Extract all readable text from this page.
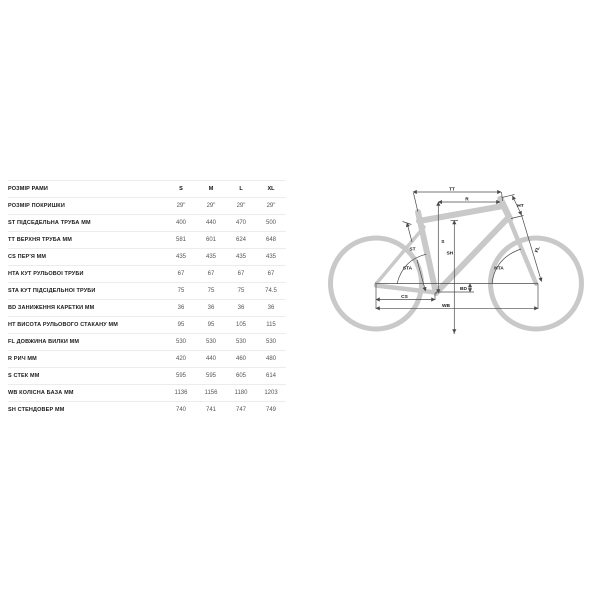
РОЗМІР РАМИ	S	M	L	XL
РОЗМІР ПОКРИШКИ	29"	29"	29"	29"
ST ПІДСЕДЕЛЬНА ТРУБА ММ	400	440	470	500
ТТ ВЕРХНЯ ТРУБА ММ	581	601	624	648
CS ПЕР'Я ММ	435	435	435	435
HTA КУТ РУЛЬОВОЇ ТРУБИ	67	67	67	67
STA КУТ ПІДСІДЕЛЬНОЇ ТРУБИ	75	75	75	74.5
BD ЗАНИЖЕННЯ КАРЕТКИ ММ	36	36	36	36
HT ВИСОТА РУЛЬОВОГО СТАКАНУ ММ	95	95	105	115
FL ДОВЖИНА ВИЛКИ ММ	530	530	530	530
R РИЧ ММ	420	440	460	480
S СТЕК ММ	595	595	605	614
WB КОЛІСНА БАЗА ММ	1136	1156	1180	1203
SH СТЕНДОВЕР ММ	740	741	747	749
TT
R
HT
FL
S
SH
ST
STA	HTA
BD
CS
WB
